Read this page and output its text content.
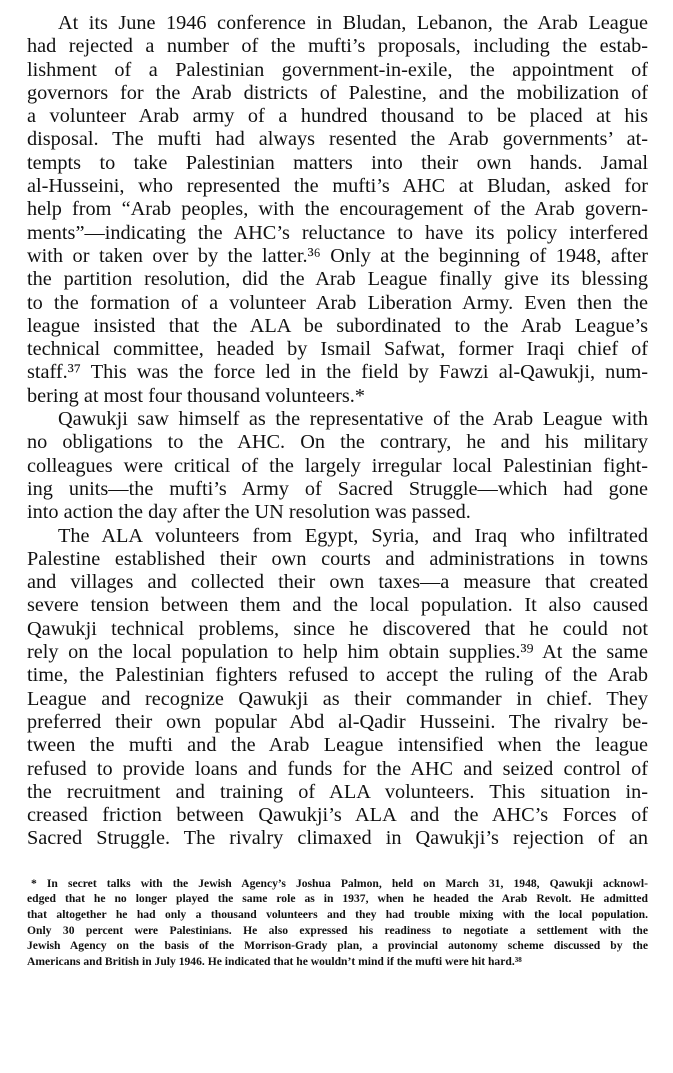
At its June 1946 conference in Bludan, Lebanon, the Arab League
had rejected a number of the mufti’s proposals, including the estab-
lishment of a Palestinian government-in-exile, the appointment of
governors for the Arab districts of Palestine, and the mobilization of
a volunteer Arab army of a hundred thousand to be placed at his
disposal. The mufti had always resented the Arab governments’ at-
tempts to take Palestinian matters into their own hands. Jamal
al-Husseini, who represented the mufti’s AHC at Bludan, asked for
help from “Arab peoples, with the encouragement of the Arab govern-
ments”—indicating the AHC’s reluctance to have its policy interfered
with or taken over by the latter.³⁶ Only at the beginning of 1948, after
the partition resolution, did the Arab League finally give its blessing
to the formation of a volunteer Arab Liberation Army. Even then the
league insisted that the ALA be subordinated to the Arab League’s
technical committee, headed by Ismail Safwat, former Iraqi chief of
staff.³⁷ This was the force led in the field by Fawzi al-Qawukji, num-
bering at most four thousand volunteers.*
Qawukji saw himself as the representative of the Arab League with
no obligations to the AHC. On the contrary, he and his military
colleagues were critical of the largely irregular local Palestinian fight-
ing units—the mufti’s Army of Sacred Struggle—which had gone
into action the day after the UN resolution was passed.
The ALA volunteers from Egypt, Syria, and Iraq who infiltrated
Palestine established their own courts and administrations in towns
and villages and collected their own taxes—a measure that created
severe tension between them and the local population. It also caused
Qawukji technical problems, since he discovered that he could not
rely on the local population to help him obtain supplies.³⁹ At the same
time, the Palestinian fighters refused to accept the ruling of the Arab
League and recognize Qawukji as their commander in chief. They
preferred their own popular Abd al-Qadir Husseini. The rivalry be-
tween the mufti and the Arab League intensified when the league
refused to provide loans and funds for the AHC and seized control of
the recruitment and training of ALA volunteers. This situation in-
creased friction between Qawukji’s ALA and the AHC’s Forces of
Sacred Struggle. The rivalry climaxed in Qawukji’s rejection of an
* In secret talks with the Jewish Agency’s Joshua Palmon, held on March 31, 1948, Qawukji acknowl-
edged that he no longer played the same role as in 1937, when he headed the Arab Revolt. He admitted
that altogether he had only a thousand volunteers and they had trouble mixing with the local population.
Only 30 percent were Palestinians. He also expressed his readiness to negotiate a settlement with the
Jewish Agency on the basis of the Morrison-Grady plan, a provincial autonomy scheme discussed by the
Americans and British in July 1946. He indicated that he wouldn’t mind if the mufti were hit hard.³⁸
